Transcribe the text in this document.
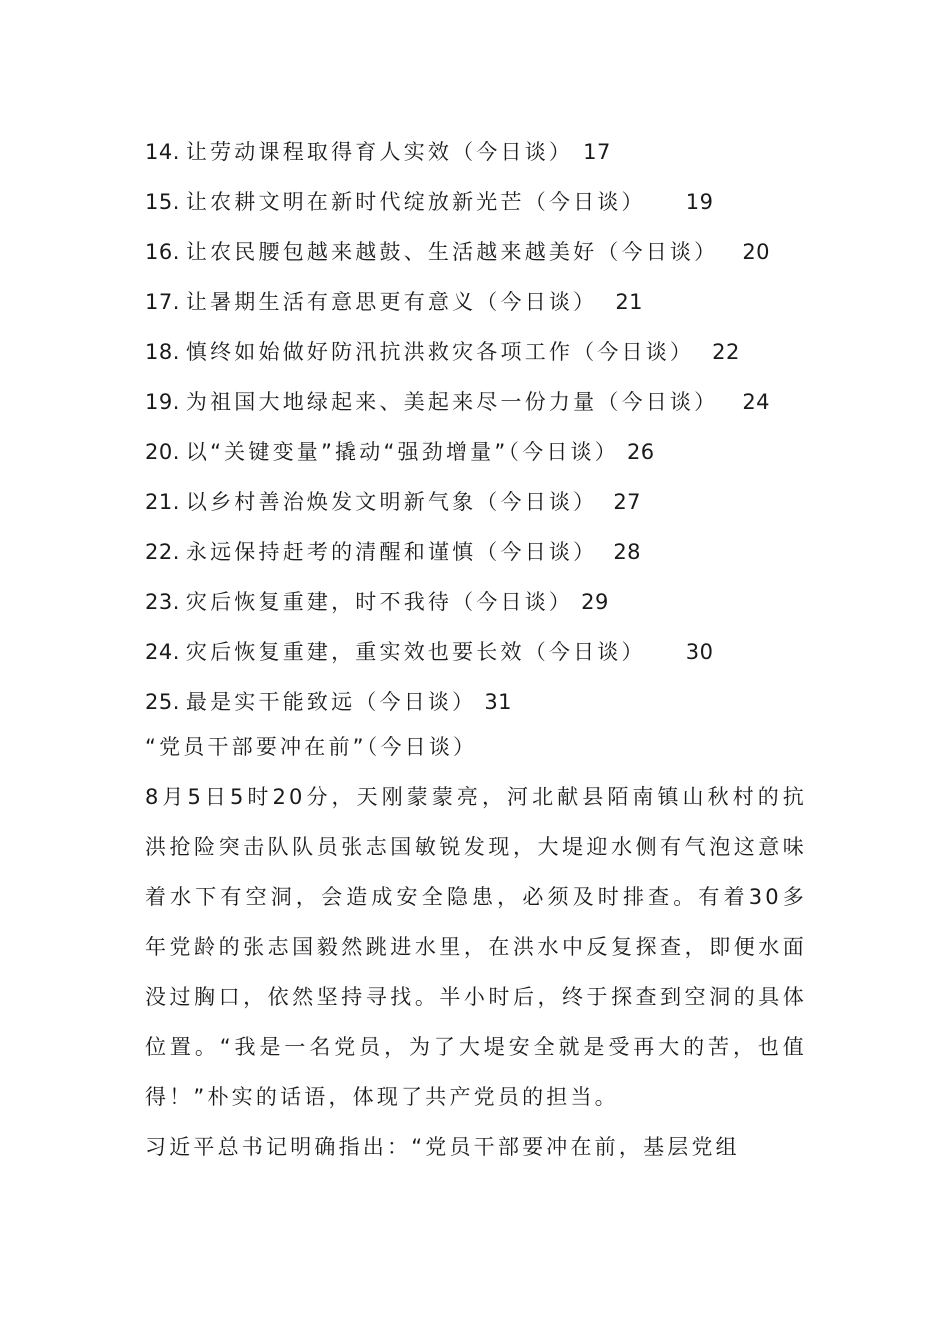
14. 让劳动课程取得育人实效（今日谈） 17
15. 让农耕文明在新时代绽放新光芒（今日谈） 19
16. 让农民腰包越来越鼓、生活越来越美好（今日谈） 20
17. 让暑期生活有意思更有意义（今日谈） 21
18. 慎终如始做好防汛抗洪救灾各项工作（今日谈） 22
19. 为祖国大地绿起来、美起来尽一份力量（今日谈） 24
20. 以“关键变量”撬动“强劲增量”（今日谈） 26
21. 以乡村善治焕发文明新气象（今日谈） 27
22. 永远保持赶考的清醒和谨慎（今日谈） 28
23. 灾后恢复重建，时不我待（今日谈） 29
24. 灾后恢复重建，重实效也要长效（今日谈） 30
25. 最是实干能致远（今日谈） 31
“党员干部要冲在前”（今日谈）

8月5日5时20分，天刚蒙蒙亮，河北献县陌南镇山秋村的抗洪抢险突击队队员张志国敏锐发现，大堤迎水侧有气泡这意味着水下有空洞，会造成安全隐患，必须及时排查。有着30多年党龄的张志国毅然跳进水里，在洪水中反复探查，即便水面没过胸口，依然坚持寻找。半小时后，终于探查到空洞的具体位置。“我是一名党员，为了大堤安全就是受再大的苦，也值得！”朴实的话语，体现了共产党员的担当。

习近平总书记明确指出：“党员干部要冲在前，基层党组
